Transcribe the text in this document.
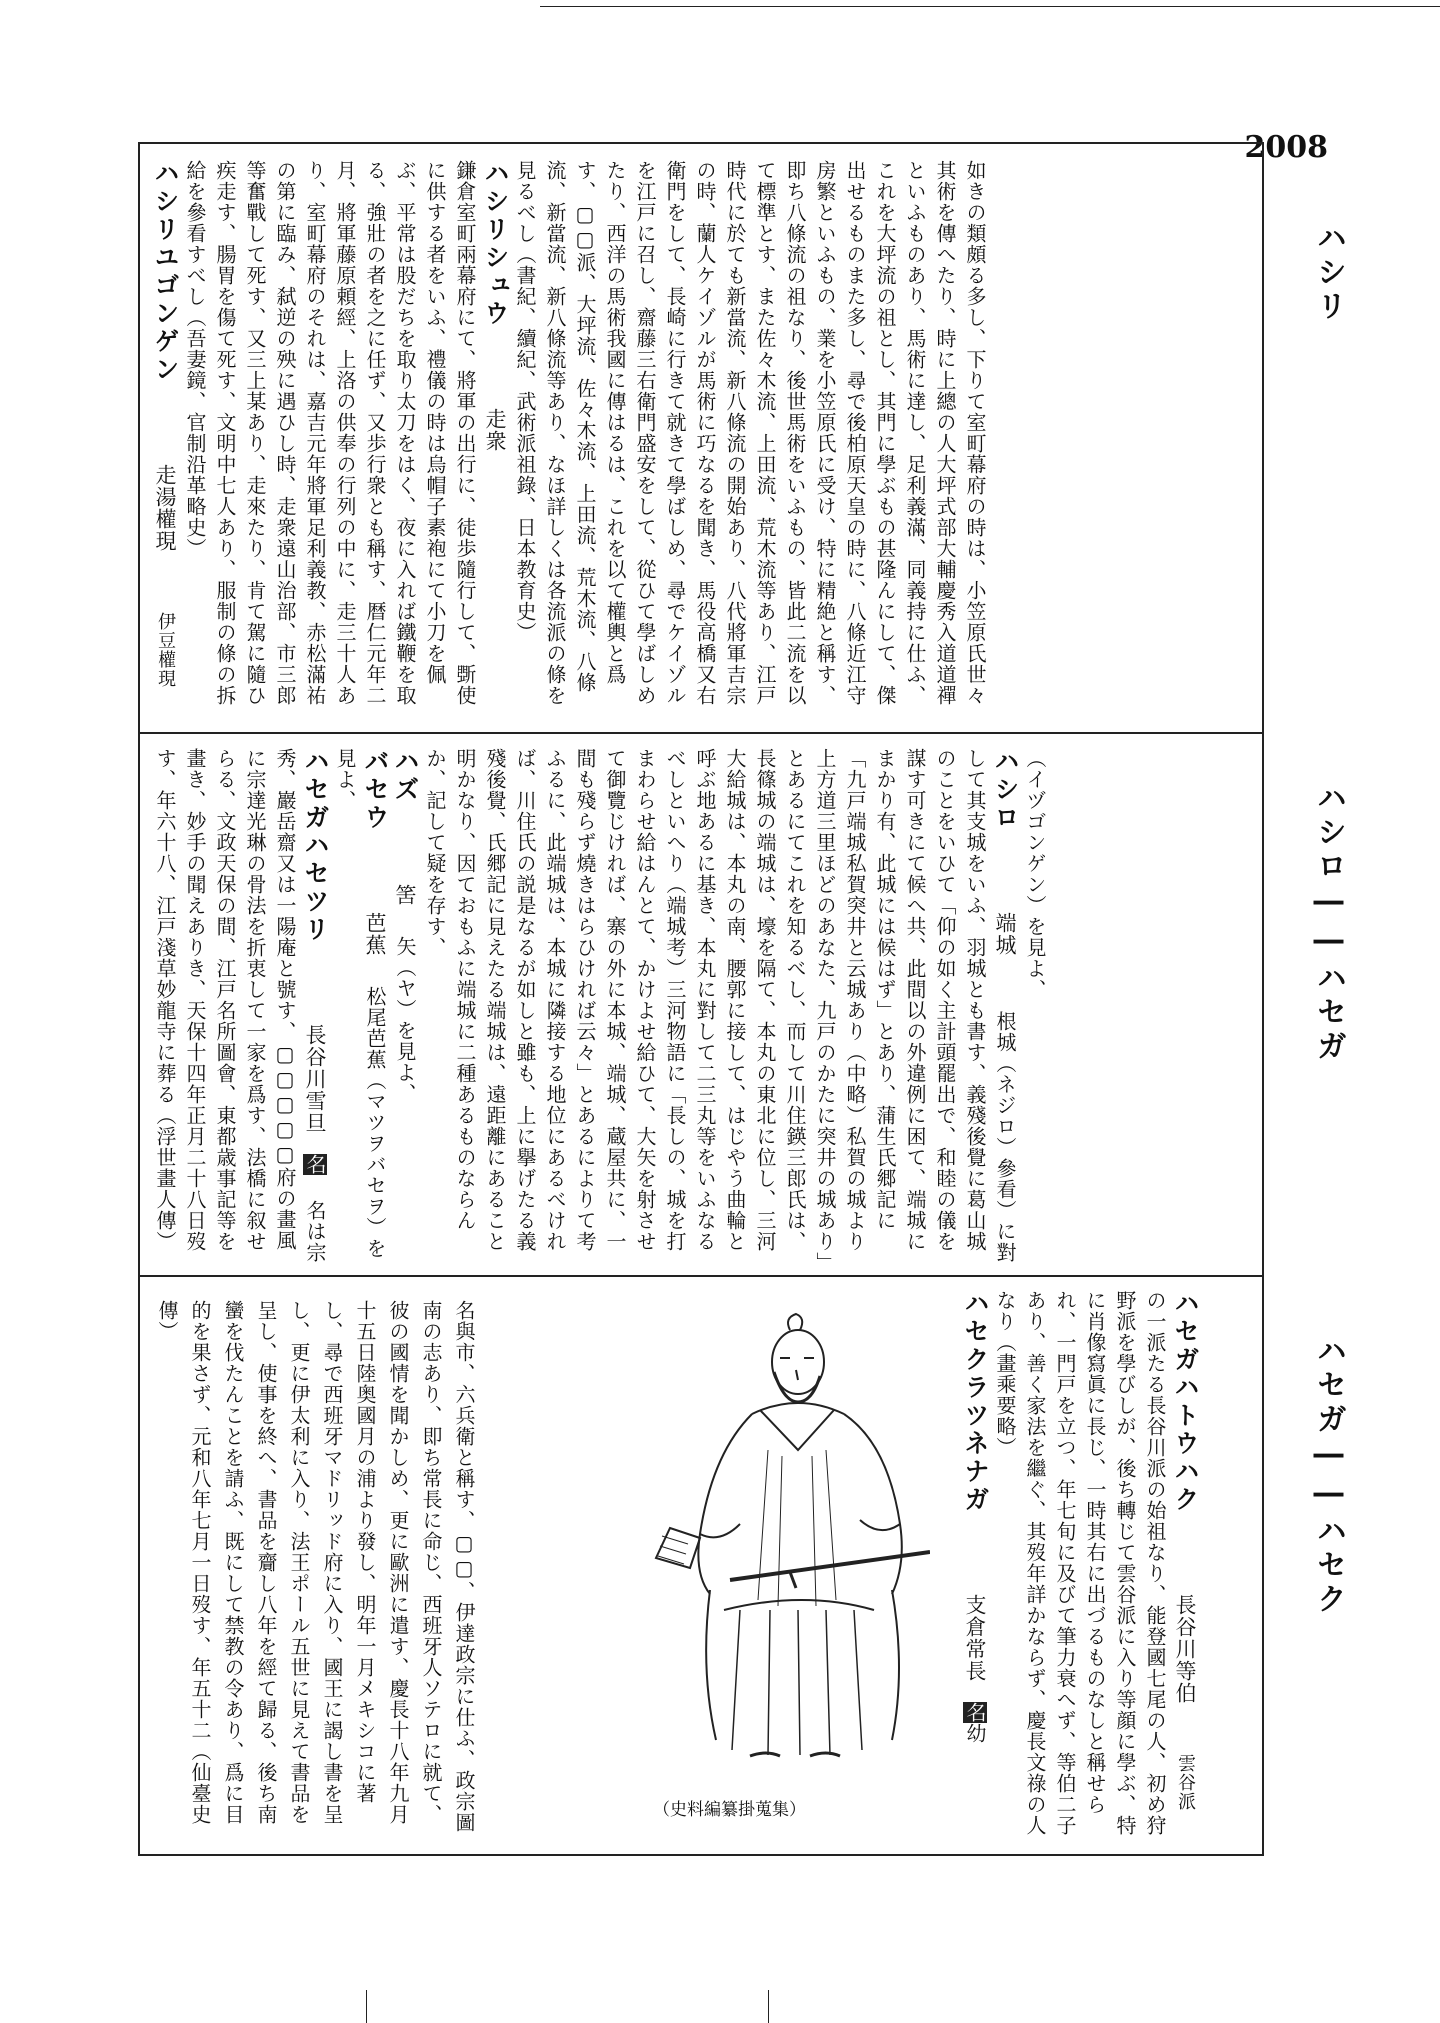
2008
ハシリ
ハシロ――ハセガ
ハセガ――ハセク
如きの類頗る多し、下りて室町幕府の時は、小笠原氏世々其術を傳へたり、時に上總の人大坪式部大輔慶秀入道道禪といふものあり、馬術に達し、足利義滿、同義持に仕ふ、これを大坪流の祖とし、其門に學ぶもの甚隆んにして、傑出せるものまた多し、尋で後柏原天皇の時に、八條近江守房繁といふもの、業を小笠原氏に受け、特に精絶と稱す、即ち八條流の祖なり、後世馬術をいふもの、皆此二流を以て標準とす、また佐々木流、上田流、荒木流等あり、江戸時代に於ても新當流、新八條流の開始あり、八代將軍吉宗の時、蘭人ケイゾルが馬術に巧なるを聞き、馬役高橋又右衛門をして、長崎に行きて就きて學ばしめ、尋でケイゾルを江戸に召し、齋藤三右衛門盛安をして、從ひて學ばしめたり、西洋の馬術我國に傳はるは、これを以て權輿と爲す、▢▢派、大坪流、佐々木流、上田流、荒木流、八條流、新當流、新八條流等あり、なほ詳しくは各流派の條を見るべし（書紀、續紀、武術派祖錄、日本教育史）
ハシリシュウ走衆
鎌倉室町兩幕府にて、將軍の出行に、徒歩隨行して、斲使に供する者をいふ、禮儀の時は烏帽子素袍にて小刀を佩ぶ、平常は股だちを取り太刀をはく、夜に入れば鐵鞭を取る、強壯の者を之に任ず、又歩行衆とも稱す、暦仁元年二月、將軍藤原頼經、上洛の供奉の行列の中に、走三十人あり、室町幕府のそれは、嘉吉元年將軍足利義教、赤松滿祐の第に臨み、弑逆の殃に遇ひし時、走衆遠山治部、市三郎等奮戰して死す、又三上某あり、走來たり、肯て駕に隨ひ疾走す、腸胃を傷て死す、文明中七人あり、服制の條の拆給を參看すべし（吾妻鏡、官制沿革略史）
ハシリユゴンゲン走湯權現伊豆權現
（イヅゴンゲン）を見よ、
ハシロ端城 根城（ネジロ）參看）に對して其支城をいふ、羽城とも書す、義殘後覺に葛山城のことをいひて「仰の如く主計頭罷出で、和睦の儀を謀す可きにて候へ共、此間以の外違例に困て、端城にまかり有、此城には候はず」とあり、蒲生氏郷記に「九戸端城私賀突井と云城あり（中略）私賀の城より上方道三里ほどのあなた、九戸のかたに突井の城あり」とあるにてこれを知るべし、而して川住鍈三郎氏は、長篠城の端城は、壕を隔て、本丸の東北に位し、三河大給城は、本丸の南、腰郭に接して、はじやう曲輪と呼ぶ地あるに基き、本丸に對して二三丸等をいふなるべしといへり（端城考）三河物語に「長しの、城を打まわらせ給はんとて、かけよせ給ひて、大矢を射させて御覽じければ、寨の外に本城、端城、蔵屋共に、一間も殘らず燒きはらひければ云々」とあるによりて考ふるに、此端城は、本城に隣接する地位にあるべければ、川住氏の説是なるが如しと雖も、上に擧げたる義殘後覺、氏郷記に見えたる端城は、遠距離にあること明かなり、因ておもふに端城に二種あるものならんか、記して疑を存す、
ハズ筈矢（ヤ）を見よ、
バセウ芭蕉松尾芭蕉（マツヲバセヲ）を見よ、
ハセガハセツリ長谷川雪旦名 名は宗秀、巖岳齋又は一陽庵と號す、▢▢▢▢▢府の畫風に宗達光琳の骨法を折衷して一家を爲す、法橋に叙せらる、文政天保の間、江戸名所圖會、東都歳事記等を畫き、妙手の聞えありき、天保十四年正月二十八日歿す、年六十八、江戸淺草妙龍寺に葬る（浮世畫人傳）
ハセガハトウハク長谷川等伯雲谷派 の一派たる長谷川派の始祖なり、能登國七尾の人、初め狩野派を學びしが、後ち轉じて雲谷派に入り等顔に學ぶ、特に肖像寫眞に長じ、一時其右に出づるものなしと稱せられ、一門戸を立つ、年七旬に及びて筆力衰へず、等伯二子あり、善く家法を繼ぐ、其歿年詳かならず、慶長文祿の人なり（畫乘要略）
ハセクラツネナガ支倉常長名幼
（史料編纂掛蒐集）
名與市、六兵衛と稱す、▢▢、伊達政宗に仕ふ、政宗圖南の志あり、即ち常長に命じ、西班牙人ソテロに就て、彼の國情を聞かしめ、更に歐洲に遣す、慶長十八年九月十五日陸奥國月の浦より發し、明年一月メキシコに著し、尋で西班牙マドリッド府に入り、國王に謁し書を呈し、更に伊太利に入り、法王ポール五世に見えて書品を呈し、使事を終へ、書品を齎し八年を經て歸る、後ち南蠻を伐たんことを請ふ、既にして禁教の令あり、爲に目的を果さず、元和八年七月一日歿す、年五十二（仙臺史傳）
